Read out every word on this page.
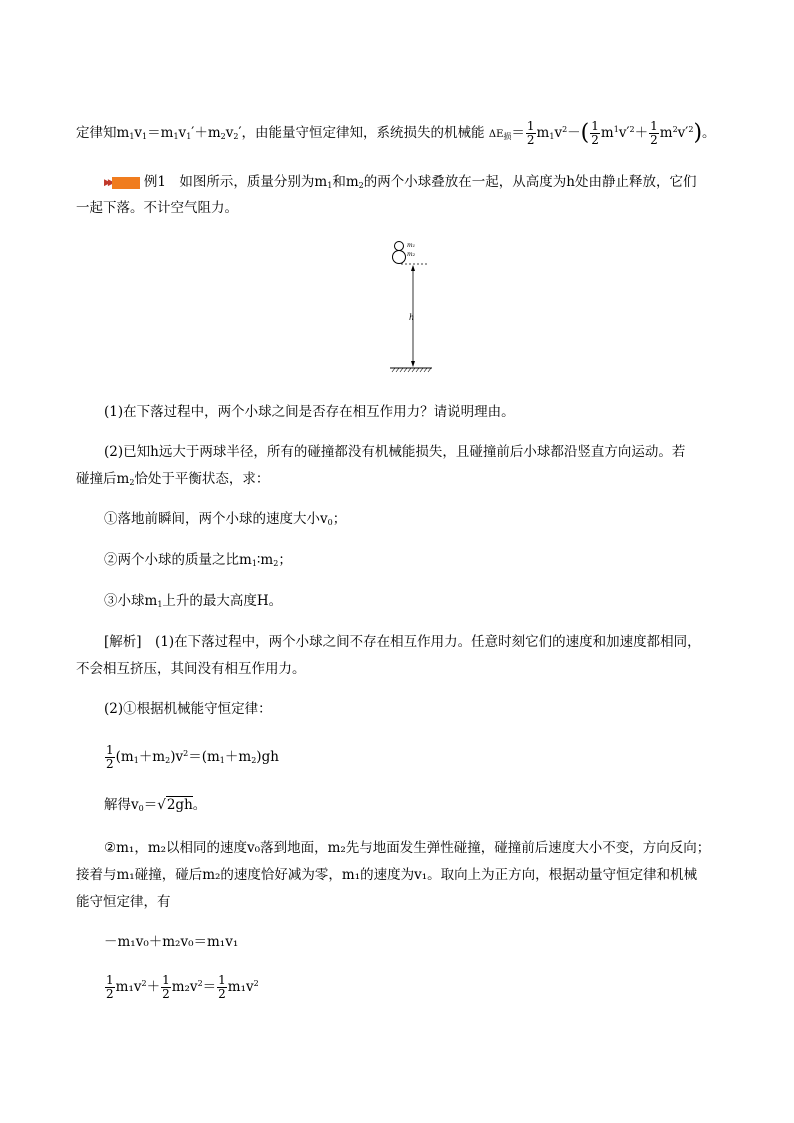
定律知$m_1v_1=m_1v_1'+m_2v_2'$，由能量守恒定律知，系统损失的机械能 $\Delta E_损= \frac{1}{2} m_1v^2-( \frac{1}{2} m^1v'^2+ \frac{1}{2} m^2v'^2)$。
▶▶ 例1　如图所示，质量分别为$m_1$和$m_2$的两个小球叠放在一起，从高度为h处由静止释放，它们
一起下落。不计空气阻力。
m₁
m₂
h
(1)在下落过程中，两个小球之间是否存在相互作用力？请说明理由。
(2)已知h远大于两球半径，所有的碰撞都没有机械能损失，且碰撞前后小球都沿竖直方向运动。若
碰撞后$m_2$恰处于平衡状态，求：
①落地前瞬间，两个小球的速度大小$v_0$；
②两个小球的质量之比$m_1∶m_2$；
③小球$m_1$上升的最大高度H。
[解析]　(1)在下落过程中，两个小球之间不存在相互作用力。任意时刻它们的速度和加速度都相同，
不会相互挤压，其间没有相互作用力。
(2)①根据机械能守恒定律：
$\frac{1}{2} (m_1+m_2)v^2=(m_1+m_2)gh$
解得$v_0=√2gh$。
②m₁，m₂以相同的速度v₀落到地面，m₂先与地面发生弹性碰撞，碰撞前后速度大小不变，方向反向；
接着与m₁碰撞，碰后m₂的速度恰好减为零，m₁的速度为v₁。取向上为正方向，根据动量守恒定律和机械
能守恒定律，有
－m₁v₀＋m₂v₀＝m₁v₁
$\frac{1}{2} m_1v^2+ \frac{1}{2} m_2v^2= \frac{1}{2} m_1v^2$
